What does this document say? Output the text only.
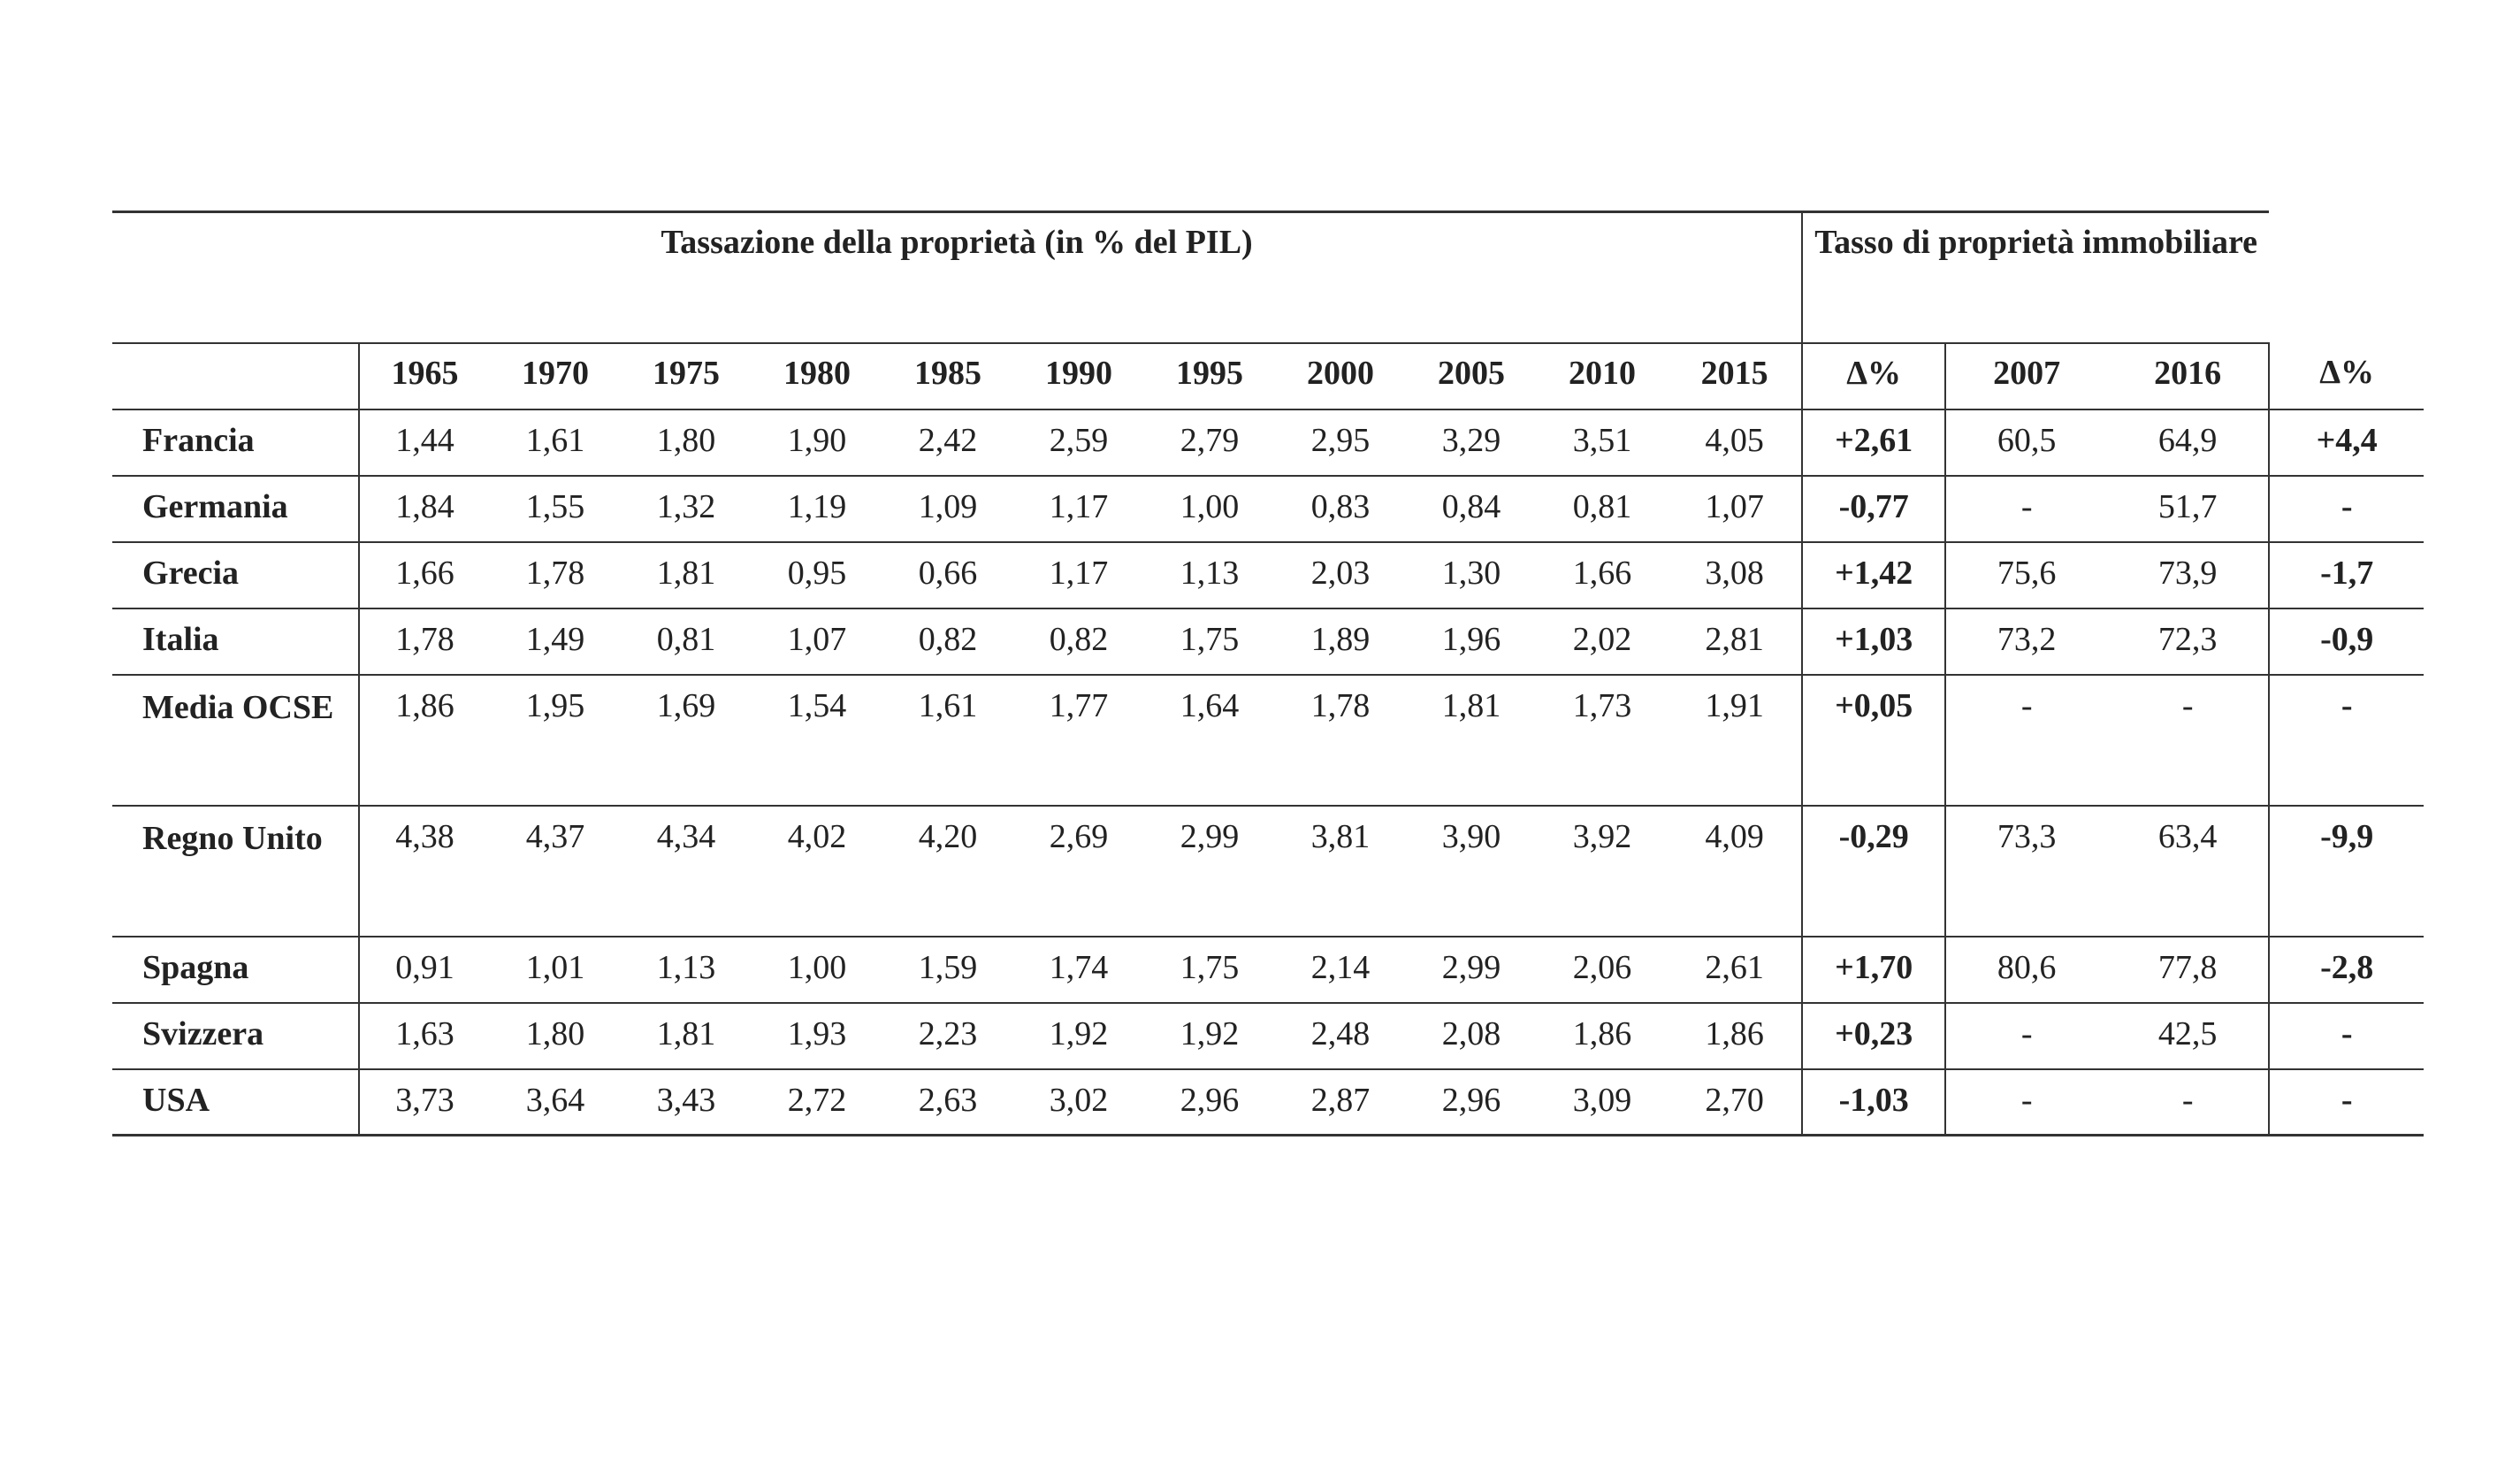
Tassazione della proprietà (in % del PIL)												Tasso di proprietà immobiliare			
	1965	1970	1975	1980	1985	1990	1995	2000	2005	2010	2015	Δ%	2007	2016	Δ%
Francia	1,44	1,61	1,80	1,90	2,42	2,59	2,79	2,95	3,29	3,51	4,05	+2,61	60,5	64,9	+4,4
Germania	1,84	1,55	1,32	1,19	1,09	1,17	1,00	0,83	0,84	0,81	1,07	-0,77	-	51,7	-
Grecia	1,66	1,78	1,81	0,95	0,66	1,17	1,13	2,03	1,30	1,66	3,08	+1,42	75,6	73,9	-1,7
Italia	1,78	1,49	0,81	1,07	0,82	0,82	1,75	1,89	1,96	2,02	2,81	+1,03	73,2	72,3	-0,9
Media OCSE	1,86	1,95	1,69	1,54	1,61	1,77	1,64	1,78	1,81	1,73	1,91	+0,05	-	-	-
Regno Unito	4,38	4,37	4,34	4,02	4,20	2,69	2,99	3,81	3,90	3,92	4,09	-0,29	73,3	63,4	-9,9
Spagna	0,91	1,01	1,13	1,00	1,59	1,74	1,75	2,14	2,99	2,06	2,61	+1,70	80,6	77,8	-2,8
Svizzera	1,63	1,80	1,81	1,93	2,23	1,92	1,92	2,48	2,08	1,86	1,86	+0,23	-	42,5	-
USA	3,73	3,64	3,43	2,72	2,63	3,02	2,96	2,87	2,96	3,09	2,70	-1,03	-	-	-
